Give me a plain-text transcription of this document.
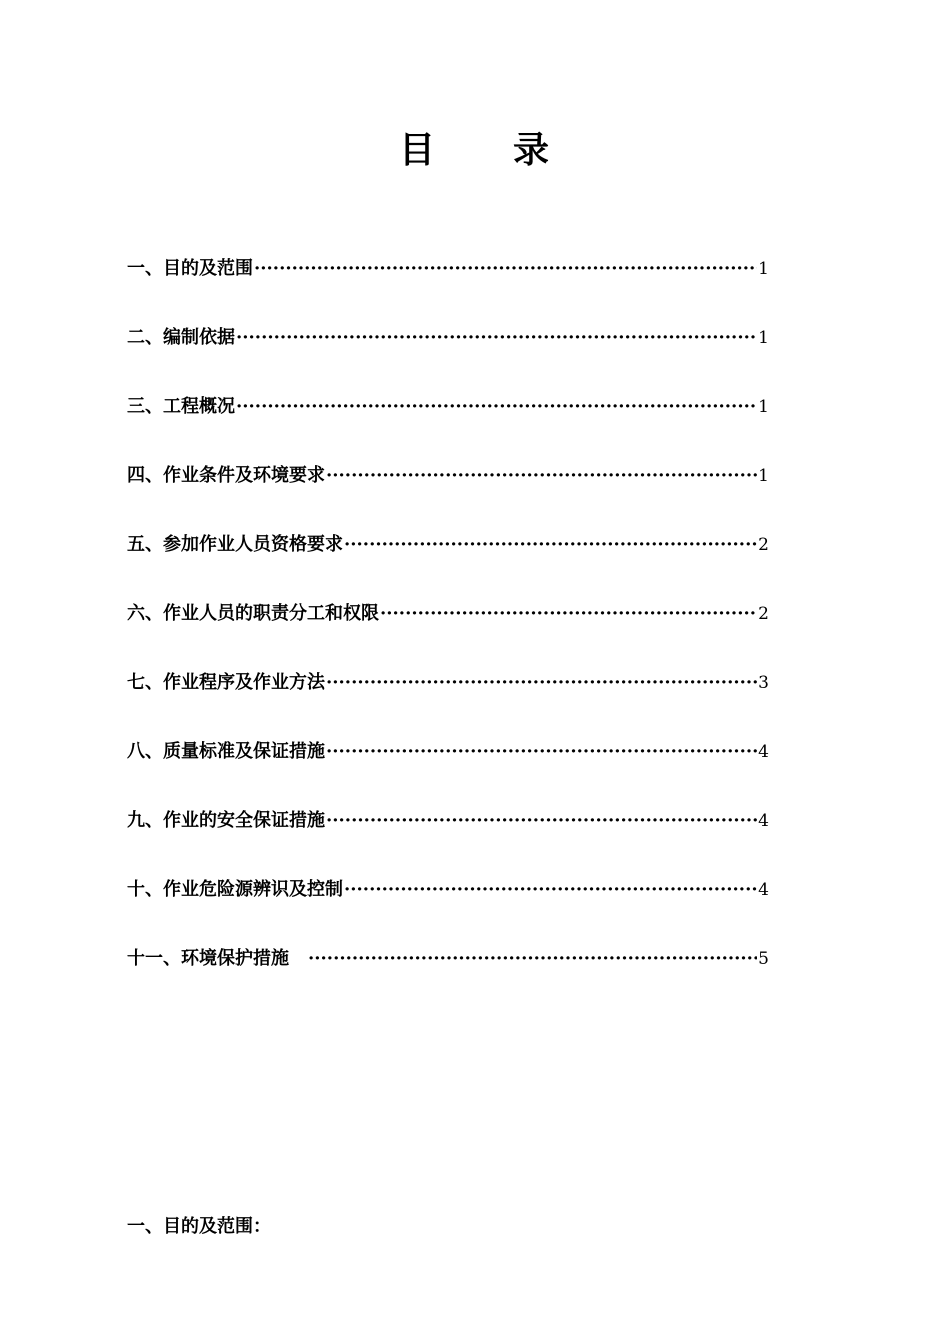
目　　录
一、目的及范围 ·····	1
二、编制依据 ·····	1
三、工程概况 ·····	1
四、作业条件及环境要求 ·····	1
五、参加作业人员资格要求 ·····	2
六、作业人员的职责分工和权限 ·····	2
七、作业程序及作业方法 ·····	3
八、质量标准及保证措施 ·····	4
九、作业的安全保证措施 ·····	4
十、作业危险源辨识及控制 ·····	4
十一、环境保护措施　 ·····	5
一、目的及范围：
